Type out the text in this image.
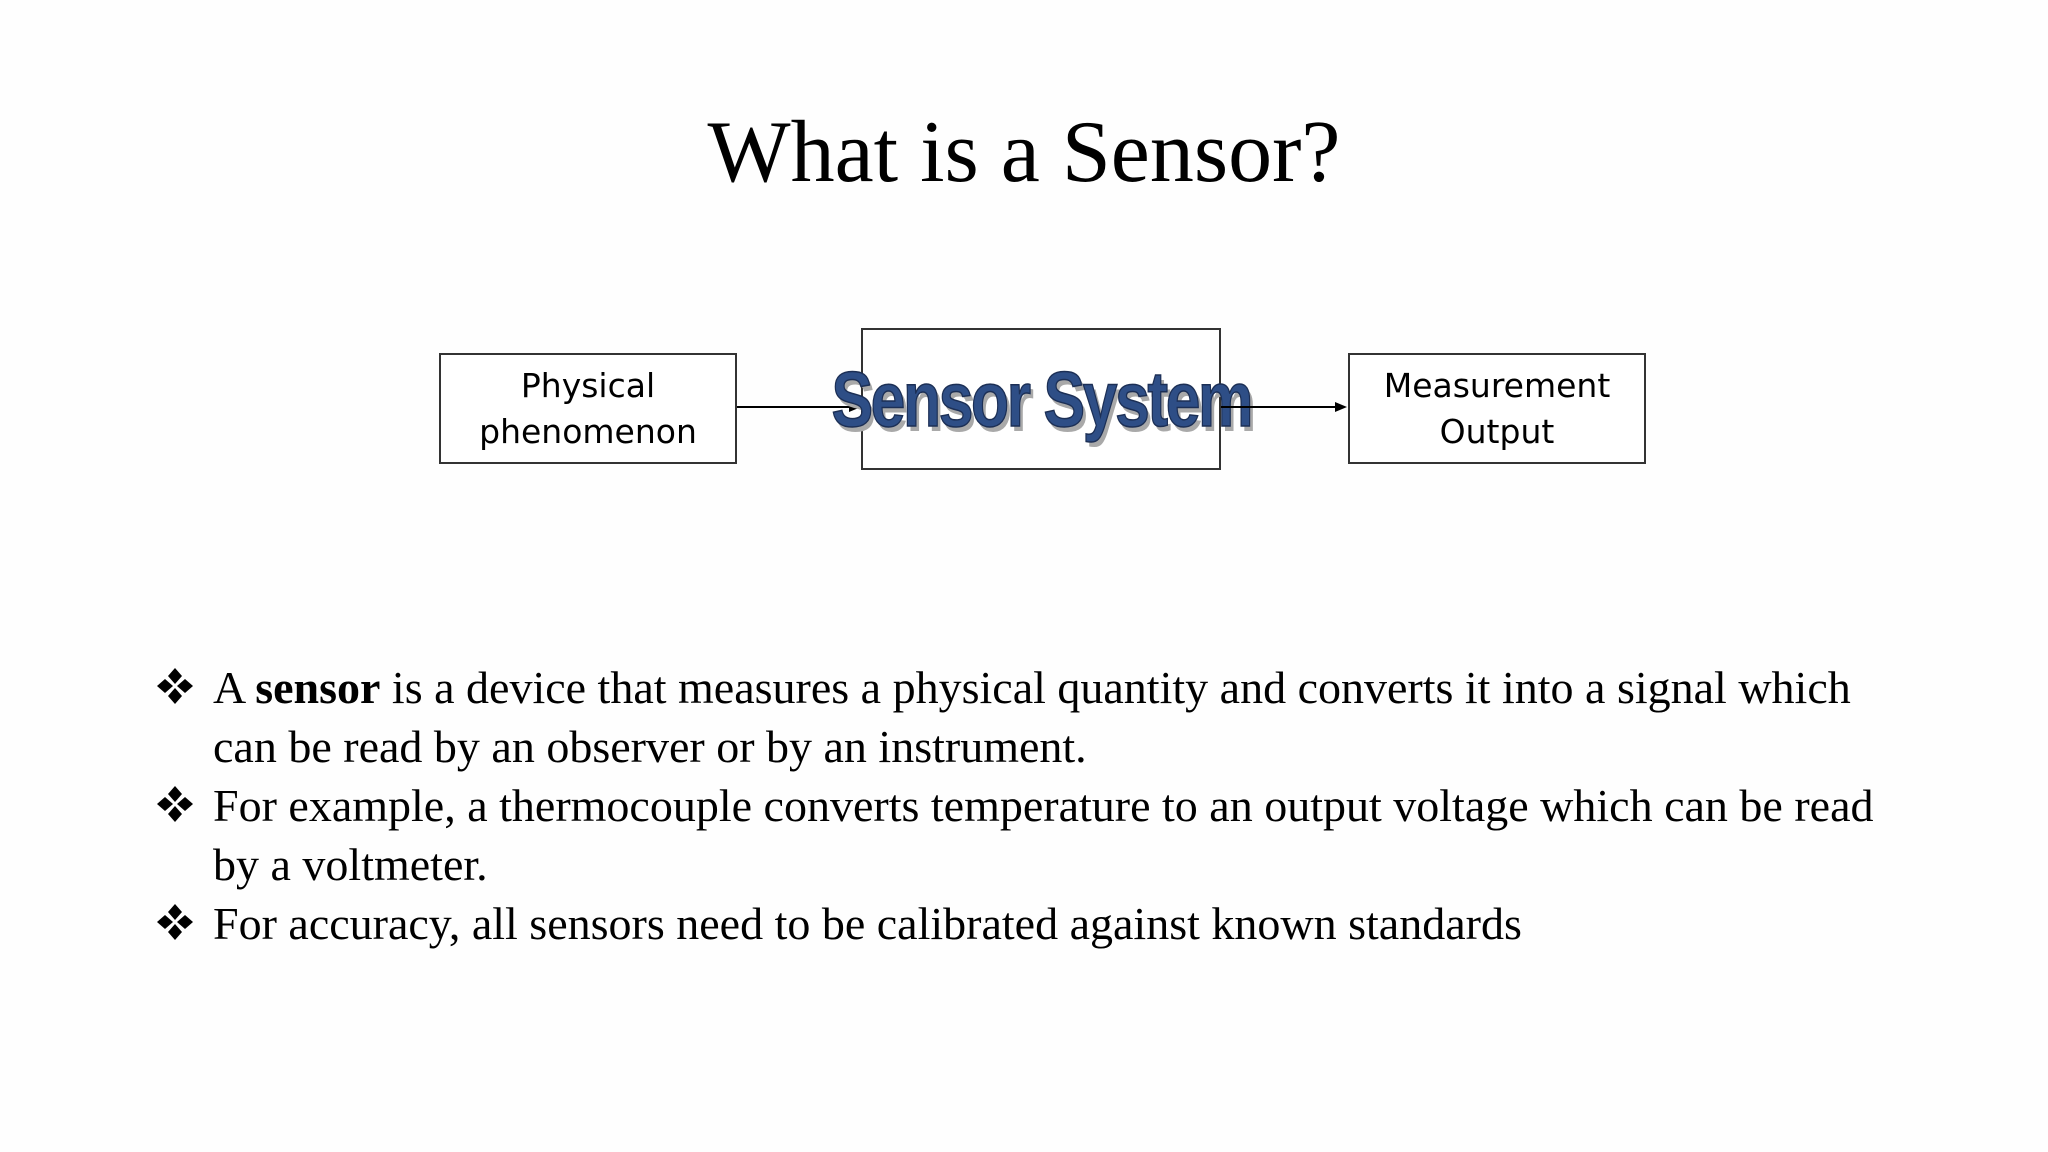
What is a Sensor?
Physical
phenomenon Sensor System	Measurement
Output
A sensor is a device that measures a physical quantity and converts it into a signal which can be read by an observer or by an instrument.
For example, a thermocouple converts temperature to an output voltage which can be read by a voltmeter.
For accuracy, all sensors need to be calibrated against known standards
